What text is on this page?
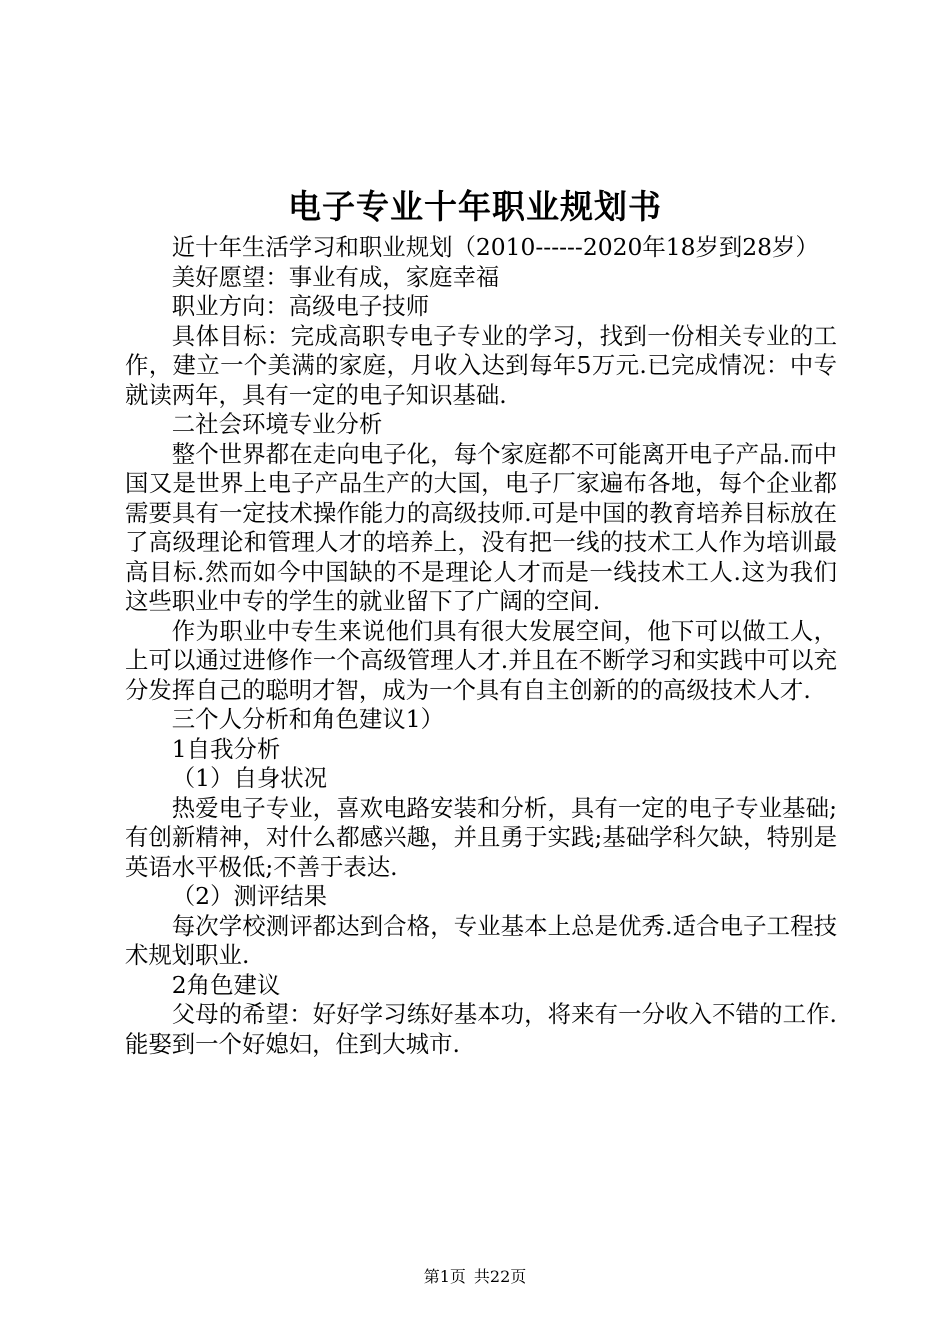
电子专业十年职业规划书

近十年生活学习和职业规划（2010------2020年18岁到28岁）

美好愿望：事业有成，家庭幸福

职业方向：高级电子技师

具体目标：完成高职专电子专业的学习，找到一份相关专业的工作，建立一个美满的家庭，月收入达到每年5万元.已完成情况：中专就读两年，具有一定的电子知识基础.

二社会环境专业分析

整个世界都在走向电子化，每个家庭都不可能离开电子产品.而中国又是世界上电子产品生产的大国，电子厂家遍布各地，每个企业都需要具有一定技术操作能力的高级技师.可是中国的教育培养目标放在了高级理论和管理人才的培养上，没有把一线的技术工人作为培训最高目标.然而如今中国缺的不是理论人才而是一线技术工人.这为我们这些职业中专的学生的就业留下了广阔的空间.

作为职业中专生来说他们具有很大发展空间，他下可以做工人，上可以通过进修作一个高级管理人才.并且在不断学习和实践中可以充分发挥自己的聪明才智，成为一个具有自主创新的的高级技术人才.

三个人分析和角色建议1）

1自我分析

（1）自身状况

热爱电子专业，喜欢电路安装和分析，具有一定的电子专业基础;有创新精神，对什么都感兴趣，并且勇于实践;基础学科欠缺，特别是英语水平极低;不善于表达.

（2）测评结果

每次学校测评都达到合格，专业基本上总是优秀.适合电子工程技术规划职业.

2角色建议

父母的希望：好好学习练好基本功，将来有一分收入不错的工作.能娶到一个好媳妇，住到大城市.

第1页 共22页
